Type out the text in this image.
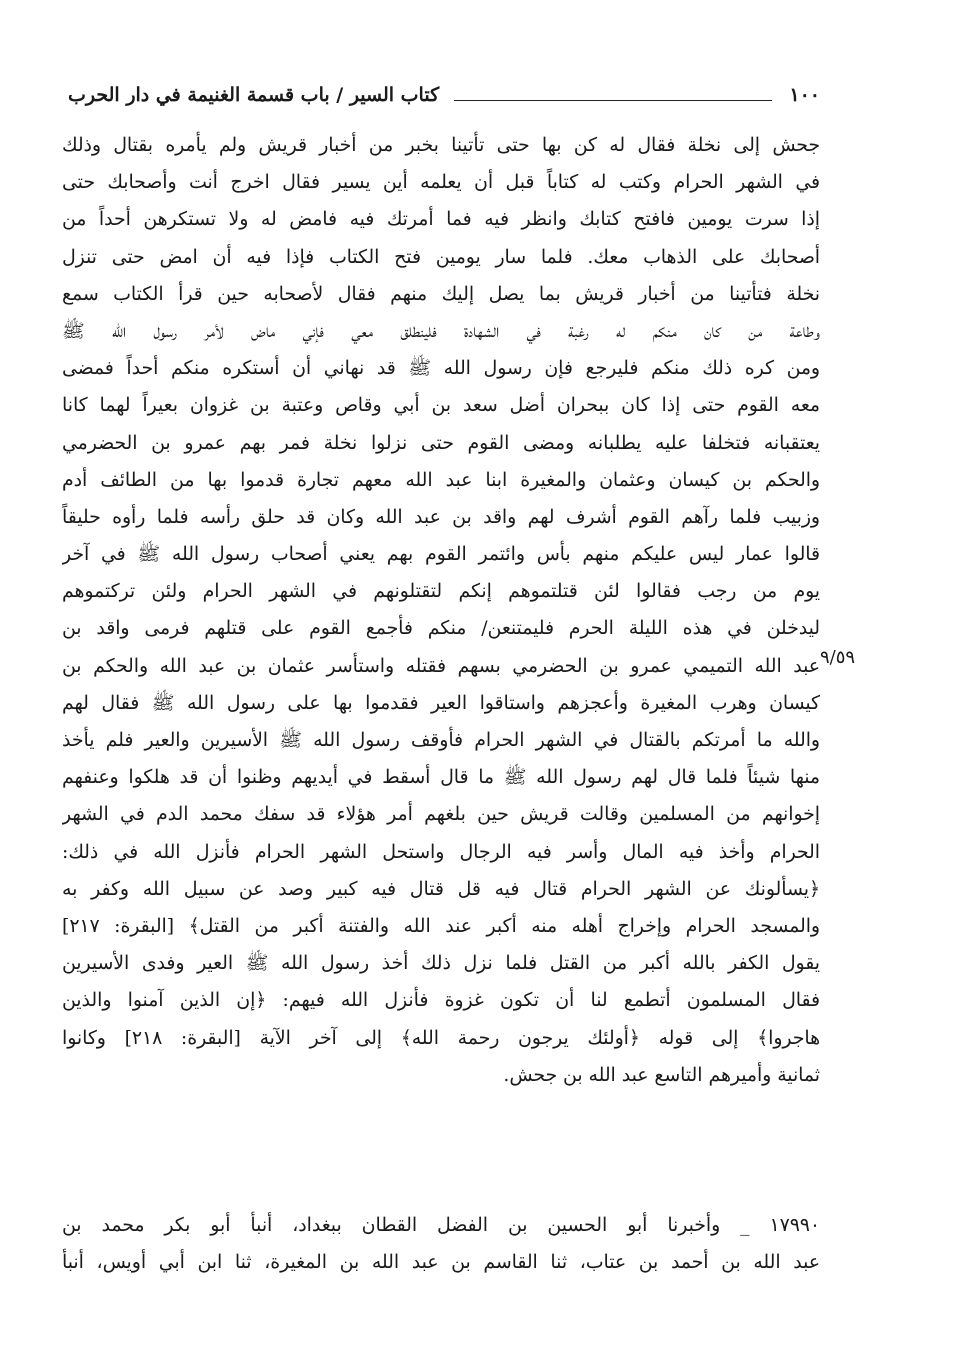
١٠٠
كتاب السير / باب قسمة الغنيمة في دار الحرب
٩/٥٩
جحش إلى نخلة فقال له كن بها حتى تأتينا بخبر من أخبار قريش ولم يأمره بقتال وذلك
في الشهر الحرام وكتب له كتاباً قبل أن يعلمه أين يسير فقال اخرج أنت وأصحابك حتى
إذا سرت يومين فافتح كتابك وانظر فيه فما أمرتك فيه فامض له ولا تستكرهن أحداً من
أصحابك على الذهاب معك. فلما سار يومين فتح الكتاب فإذا فيه أن امض حتى تنزل
نخلة فتأتينا من أخبار قريش بما يصل إليك منهم فقال لأصحابه حين قرأ الكتاب سمع
وطاعة من كان منكم له رغبة في الشهادة فلينطلق معي فإني ماض لأمر رسول الله ﷺ
ومن كره ذلك منكم فليرجع فإن رسول الله ﷺ قد نهاني أن أستكره منكم أحداً فمضى
معه القوم حتى إذا كان ببحران أضل سعد بن أبي وقاص وعتبة بن غزوان بعيراً لهما كانا
يعتقبانه فتخلفا عليه يطلبانه ومضى القوم حتى نزلوا نخلة فمر بهم عمرو بن الحضرمي
والحكم بن كيسان وعثمان والمغيرة ابنا عبد الله معهم تجارة قدموا بها من الطائف أدم
وزبيب فلما رآهم القوم أشرف لهم واقد بن عبد الله وكان قد حلق رأسه فلما رأوه حليقاً
قالوا عمار ليس عليكم منهم بأس وائتمر القوم بهم يعني أصحاب رسول الله ﷺ في آخر
يوم من رجب فقالوا لئن قتلتموهم إنكم لتقتلونهم في الشهر الحرام ولئن تركتموهم
ليدخلن في هذه الليلة الحرم فليمتنعن/ منكم فأجمع القوم على قتلهم فرمى واقد بن
عبد الله التميمي عمرو بن الحضرمي بسهم فقتله واستأسر عثمان بن عبد الله والحكم بن
كيسان وهرب المغيرة وأعجزهم واستاقوا العير فقدموا بها على رسول الله ﷺ فقال لهم
والله ما أمرتكم بالقتال في الشهر الحرام فأوقف رسول الله ﷺ الأسيرين والعير فلم يأخذ
منها شيئاً فلما قال لهم رسول الله ﷺ ما قال أسقط في أيديهم وظنوا أن قد هلكوا وعنفهم
إخوانهم من المسلمين وقالت قريش حين بلغهم أمر هؤلاء قد سفك محمد الدم في الشهر
الحرام وأخذ فيه المال وأسر فيه الرجال واستحل الشهر الحرام فأنزل الله في ذلك:
﴿يسألونك عن الشهر الحرام قتال فيه قل قتال فيه كبير وصد عن سبيل الله وكفر به
والمسجد الحرام وإخراج أهله منه أكبر عند الله والفتنة أكبر من القتل﴾ [البقرة: ٢١٧]
يقول الكفر بالله أكبر من القتل فلما نزل ذلك أخذ رسول الله ﷺ العير وفدى الأسيرين
فقال المسلمون أتطمع لنا أن تكون غزوة فأنزل الله فيهم: ﴿إن الذين آمنوا والذين
هاجروا﴾ إلى قوله ﴿أولئك يرجون رحمة الله﴾ إلى آخر الآية [البقرة: ٢١٨] وكانوا
ثمانية وأميرهم التاسع عبد الله بن جحش.
١٧٩٩٠ _ وأخبرنا أبو الحسين بن الفضل القطان ببغداد، أنبأ أبو بكر محمد بن
عبد الله بن أحمد بن عتاب، ثنا القاسم بن عبد الله بن المغيرة، ثنا ابن أبي أويس، أنبأ
